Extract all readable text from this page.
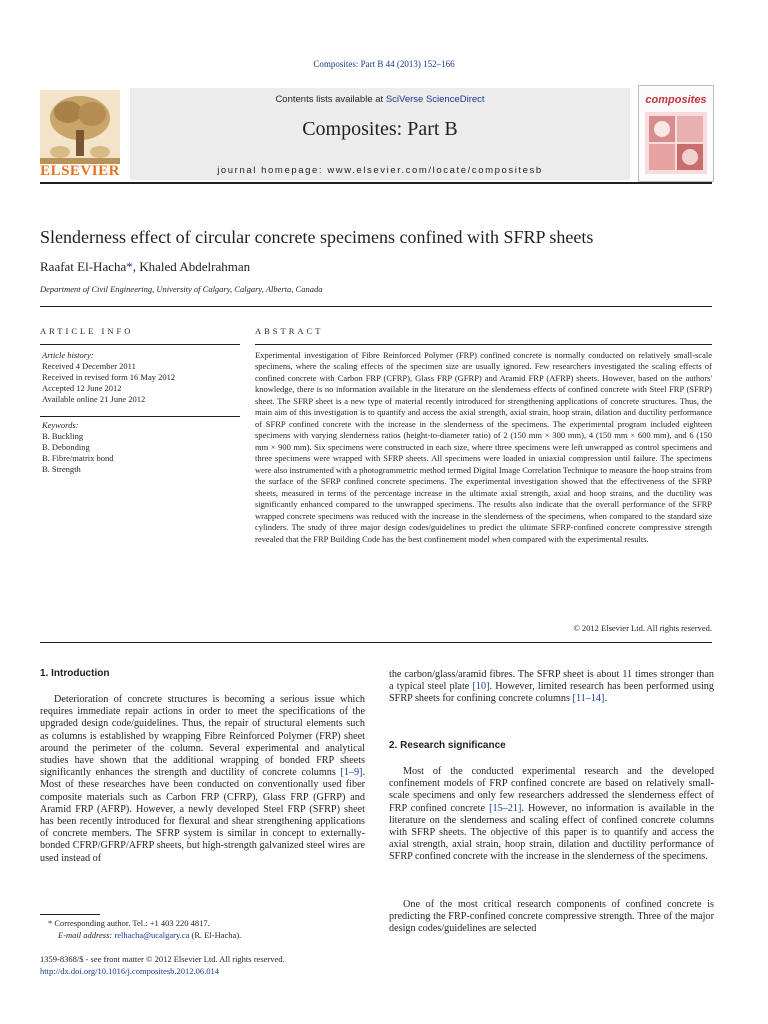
Composites: Part B 44 (2013) 152–166
Contents lists available at SciVerse ScienceDirect
Composites: Part B
journal homepage: www.elsevier.com/locate/compositesb
ELSEVIER
composites
Slenderness effect of circular concrete specimens confined with SFRP sheets
Raafat El-Hacha*, Khaled Abdelrahman
Department of Civil Engineering, University of Calgary, Calgary, Alberta, Canada
ARTICLE INFO
Article history:
Received 4 December 2011
Received in revised form 16 May 2012
Accepted 12 June 2012
Available online 21 June 2012
Keywords:
B. Buckling
B. Debonding
B. Fibre/matrix bond
B. Strength
ABSTRACT
Experimental investigation of Fibre Reinforced Polymer (FRP) confined concrete is normally conducted on relatively small-scale specimens, where the scaling effects of the specimen size are usually ignored. Few researchers investigated the scaling effects of confined concrete with Carbon FRP (CFRP), Glass FRP (GFRP) and Aramid FRP (AFRP) sheets. However, based on the authors' knowledge, there is no information available in the literature on the slenderness effects of confined concrete with Steel FRP (SFRP) sheet. The SFRP sheet is a new type of material recently introduced for strengthening applications of concrete structures. Thus, the main aim of this investigation is to quantify and access the axial strength, axial strain, hoop strain, dilation and ductility performance of SFRP confined concrete with the increase in the slenderness of the specimens. The experimental program included eighteen specimens with varying slenderness ratios (height-to-diameter ratio) of 2 (150 mm × 300 mm), 4 (150 mm × 600 mm), and 6 (150 mm × 900 mm). Six specimens were constructed in each size, where three specimens were left unwrapped as control specimens and three specimens were wrapped with SFRP sheets. All specimens were loaded in uniaxial compression until failure. The specimens were also instrumented with a photogrammetric method termed Digital Image Correlation Technique to measure the hoop strains from the surface of the SFRP confined concrete specimens. The experimental investigation showed that the effectiveness of the SFRP sheets, measured in terms of the percentage increase in the ultimate axial strength, axial and hoop strains, and the ductility was significantly enhanced compared to the unwrapped specimens. The results also indicate that the overall performance of the SFRP wrapped concrete specimens was reduced with the increase in the slenderness of the specimens, when compared to the standard size cylinders. The study of three major design codes/guidelines to predict the ultimate SFRP-confined concrete compressive strength revealed that the FRP Building Code has the best confinement model when compared with the experimental results.
© 2012 Elsevier Ltd. All rights reserved.
1. Introduction
Deterioration of concrete structures is becoming a serious issue which requires immediate repair actions in order to meet the specifications of the upgraded design code/guidelines. Thus, the repair of structural elements such as columns is established by wrapping Fibre Reinforced Polymer (FRP) sheet around the perimeter of the column. Several experimental and analytical studies have shown that the additional wrapping of bonded FRP sheets significantly enhances the strength and ductility of concrete columns [1–9]. Most of these researches have been conducted on conventionally used fiber composite materials such as Carbon FRP (CFRP), Glass FRP (GFRP) and Aramid FRP (AFRP). However, a newly developed Steel FRP (SFRP) sheet has been recently introduced for flexural and shear strengthening applications of concrete members. The SFRP system is similar in concept to externally-bonded CFRP/GFRP/AFRP sheets, but high-strength galvanized steel wires are used instead of
* Corresponding author. Tel.: +1 403 220 4817.
E-mail address: relhacha@ucalgary.ca (R. El-Hacha).
1359-8368/$ - see front matter © 2012 Elsevier Ltd. All rights reserved.
http://dx.doi.org/10.1016/j.compositesb.2012.06.014
the carbon/glass/aramid fibres. The SFRP sheet is about 11 times stronger than a typical steel plate [10]. However, limited research has been performed using SFRP sheets for confining concrete columns [11–14].
2. Research significance
Most of the conducted experimental research and the developed confinement models of FRP confined concrete are based on relatively small-scale specimens and only few researchers addressed the slenderness effect of FRP confined concrete [15–21]. However, no information is available in the literature on the slenderness and scaling effect of confined concrete columns with SFRP sheets. The objective of this paper is to quantify and access the axial strength, axial strain, hoop strain, dilation and ductility performance of SFRP confined concrete with the increase in the slenderness of the specimens.
One of the most critical research components of confined concrete is predicting the FRP-confined concrete compressive strength. Three of the major design codes/guidelines are selected
